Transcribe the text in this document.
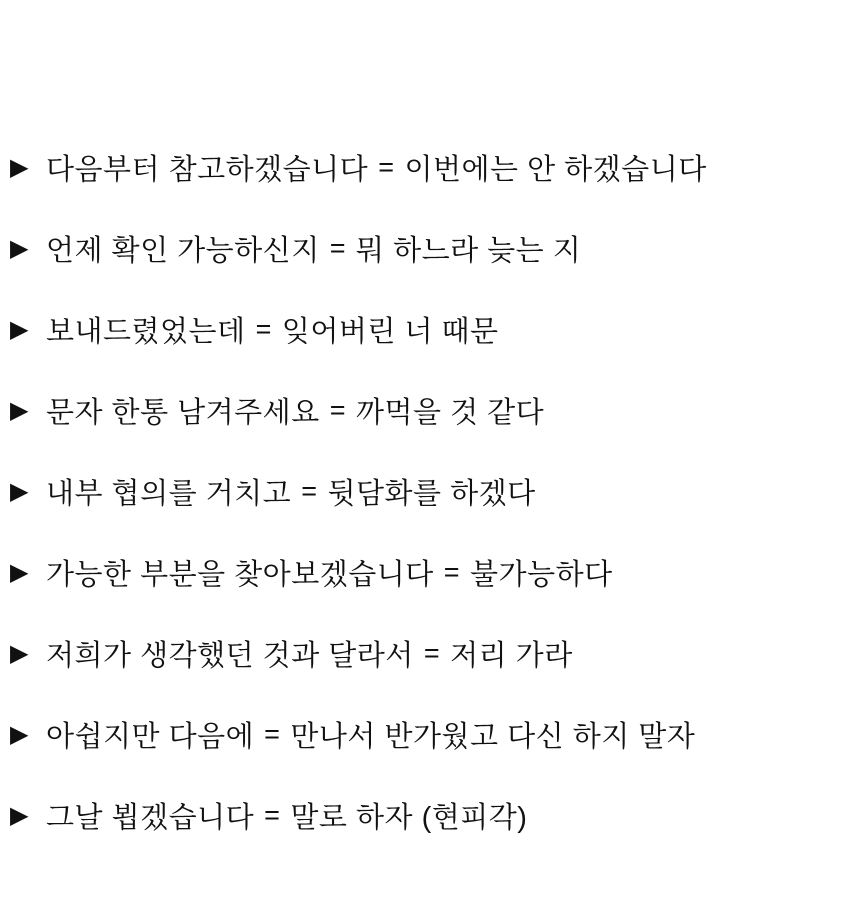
▶ 다음부터 참고하겠습니다 = 이번에는 안 하겠습니다
▶ 언제 확인 가능하신지 = 뭐 하느라 늦는 지
▶ 보내드렸었는데 = 잊어버린 너 때문
▶ 문자 한통 남겨주세요 = 까먹을 것 같다
▶ 내부 협의를 거치고 = 뒷담화를 하겠다
▶ 가능한 부분을 찾아보겠습니다 = 불가능하다
▶ 저희가 생각했던 것과 달라서 = 저리 가라
▶ 아쉽지만 다음에 = 만나서 반가웠고 다신 하지 말자
▶ 그날 뵙겠습니다 = 말로 하자 (현피각)
